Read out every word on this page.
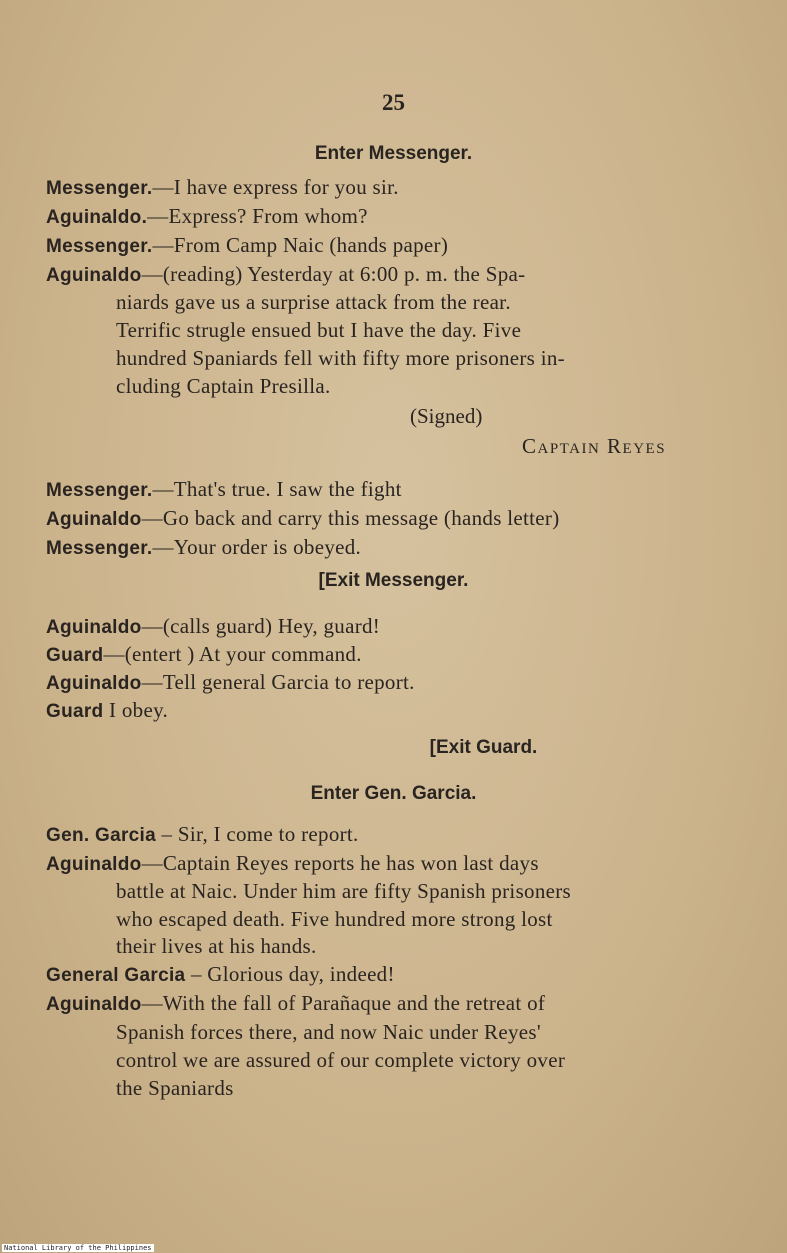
25
Enter Messenger.
Messenger.—I have express for you sir.
Aguinaldo.—Express? From whom?
Messenger.—From Camp Naic (hands paper)
Aguinaldo—(reading) Yesterday at 6:00 p. m. the Spa-
niards gave us a surprise attack from the rear.
Terrific strugle ensued but I have the day. Five
hundred Spaniards fell with fifty more prisoners in-
cluding Captain Presilla.
(Signed)
Captain Reyes
Messenger.—That's true. I saw the fight
Aguinaldo—Go back and carry this message (hands letter)
Messenger.—Your order is obeyed.
[Exit Messenger.
Aguinaldo—(calls guard) Hey, guard!
Guard—(entert ) At your command.
Aguinaldo—Tell general Garcia to report.
Guard I obey.
[Exit Guard.
Enter Gen. Garcia.
Gen. Garcia – Sir, I come to report.
Aguinaldo—Captain Reyes reports he has won last days
battle at Naic. Under him are fifty Spanish prisoners
who escaped death. Five hundred more strong lost
their lives at his hands.
General Garcia – Glorious day, indeed!
Aguinaldo—With the fall of Parañaque and the retreat of
Spanish forces there, and now Naic under Reyes'
control we are assured of our complete victory over
the Spaniards
National Library of the Philippines
